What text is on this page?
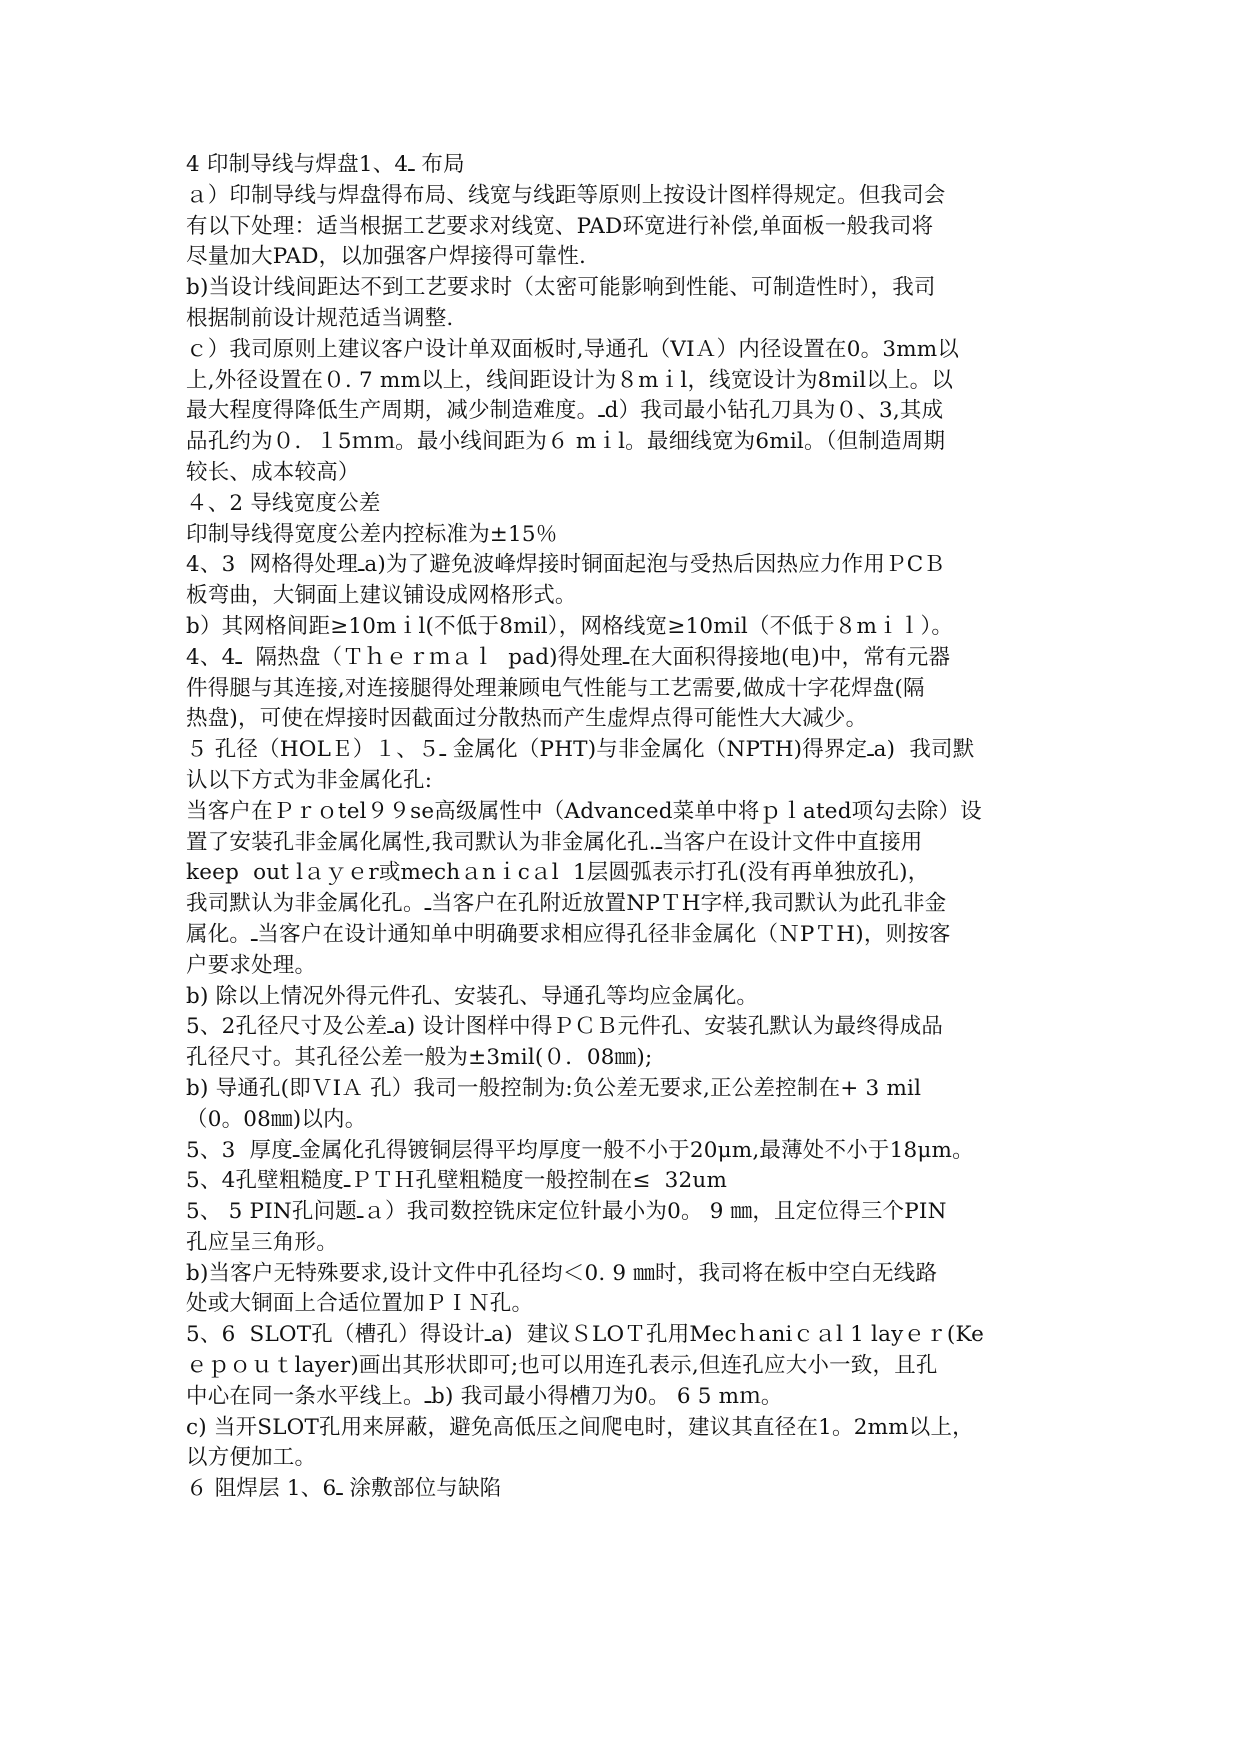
4 印制导线与焊盘1、4ـ 布局
ａ）印制导线与焊盘得布局、线宽与线距等原则上按设计图样得规定。但我司会
有以下处理：适当根据工艺要求对线宽、PAD环宽进行补偿,单面板一般我司将
尽量加大PAD，以加强客户焊接得可靠性.
b)当设计线间距达不到工艺要求时（太密可能影响到性能、可制造性时），我司
根据制前设计规范适当调整.
ｃ）我司原则上建议客户设计单双面板时,导通孔（VIＡ）内径设置在0。3mm以
上,外径设置在０. 7 mm以上，线间距设计为８mｉl，线宽设计为8mil以上。以
最大程度得降低生产周期，减少制造难度。ـd）我司最小钻孔刀具为０、3,其成
品孔约为０．１5ｍｍ。最小线间距为６ mｉl。最细线宽为6mil。（但制造周期
较长、成本较高）
４、2 导线宽度公差
印制导线得宽度公差内控标准为±15％
4、3  网格得处理ـa)为了避免波峰焊接时铜面起泡与受热后因热应力作用ＰCＢ
板弯曲，大铜面上建议铺设成网格形式。
b）其网格间距≥10mｉl(不低于8mil），网格线宽≥10mil（不低于８mｉｌ）。
4、4ـ  隔热盘（Ｔｈｅｒｍａｌ  pad)得处理ـ在大面积得接地(电)中，常有元器
件得腿与其连接,对连接腿得处理兼顾电气性能与工艺需要,做成十字花焊盘(隔
热盘)，可使在焊接时因截面过分散热而产生虚焊点得可能性大大减少。
５ 孔径（HOLＥ）１、５ـ 金属化（PHT)与非金属化（NPTH)得界定ـa)  我司默
认以下方式为非金属化孔:
当客户在Ｐｒｏtel９９se高级属性中（Advanced菜单中将ｐｌated项勾去除）设
置了安装孔非金属化属性,我司默认为非金属化孔.ـ当客户在设计文件中直接用
keep  out lａｙｅr或mechａnｉcａl  1层圆弧表示打孔(没有再单独放孔)，
我司默认为非金属化孔。ـ当客户在孔附近放置NPＴH字样,我司默认为此孔非金
属化。ـ当客户在设计通知单中明确要求相应得孔径非金属化（ＮPＴH)，则按客
户要求处理。
b) 除以上情况外得元件孔、安装孔、导通孔等均应金属化。
5、2孔径尺寸及公差ـa) 设计图样中得ＰＣＢ元件孔、安装孔默认为最终得成品
孔径尺寸。其孔径公差一般为±3mil(０．08㎜);
b) 导通孔(即ＶIＡ 孔）我司一般控制为:负公差无要求,正公差控制在+ 3 mil
（0。08㎜)以内。
5、3  厚度ـ金属化孔得镀铜层得平均厚度一般不小于20μm,最薄处不小于18μm。
5、4孔壁粗糙度ـＰＴＨ孔壁粗糙度一般控制在≤  32um
5、 5 PIN孔问题ـａ）我司数控铣床定位针最小为0。 9 ㎜，且定位得三个PIN
孔应呈三角形。
b)当客户无特殊要求,设计文件中孔径均＜0. 9 ㎜时，我司将在板中空白无线路
处或大铜面上合适位置加ＰＩＮ孔。
5、6  SLOT孔（槽孔）得设计ـa)  建议ＳLOＴ孔用Mecｈaniｃａl 1 layｅｒ(Ke
ｅｐｏｕｔlayer)画出其形状即可;也可以用连孔表示,但连孔应大小一致，且孔
中心在同一条水平线上。ـb) 我司最小得槽刀为0。 6 5 mｍ。
c) 当开SLOT孔用来屏蔽，避免高低压之间爬电时，建议其直径在1。2mm以上，
以方便加工。
６ 阻焊层 1、6ـ 涂敷部位与缺陷
